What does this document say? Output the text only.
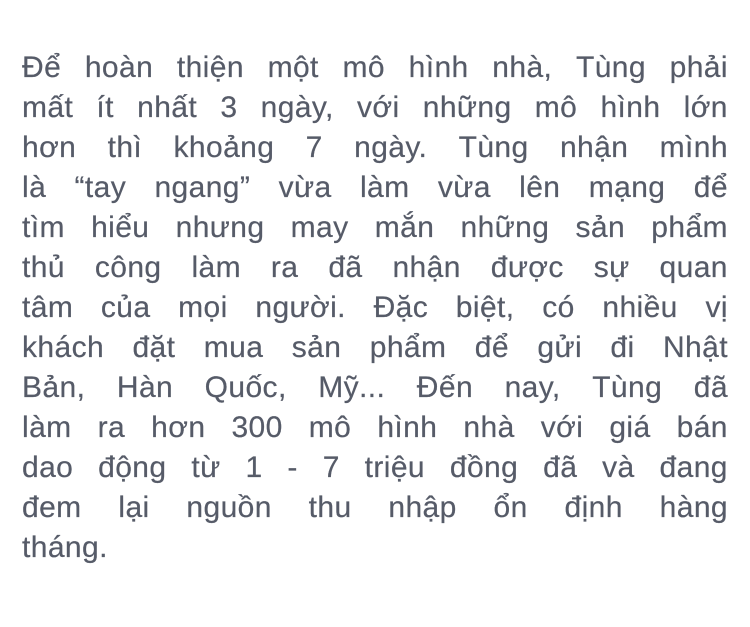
Để hoàn thiện một mô hình nhà, Tùng phải
mất ít nhất 3 ngày, với những mô hình lớn
hơn thì khoảng 7 ngày. Tùng nhận mình
là “tay ngang” vừa làm vừa lên mạng để
tìm hiểu nhưng may mắn những sản phẩm
thủ công làm ra đã nhận được sự quan
tâm của mọi người. Đặc biệt, có nhiều vị
khách đặt mua sản phẩm để gửi đi Nhật
Bản, Hàn Quốc, Mỹ... Đến nay, Tùng đã
làm ra hơn 300 mô hình nhà với giá bán
dao động từ 1 - 7 triệu đồng đã và đang
đem lại nguồn thu nhập ổn định hàng
tháng.
